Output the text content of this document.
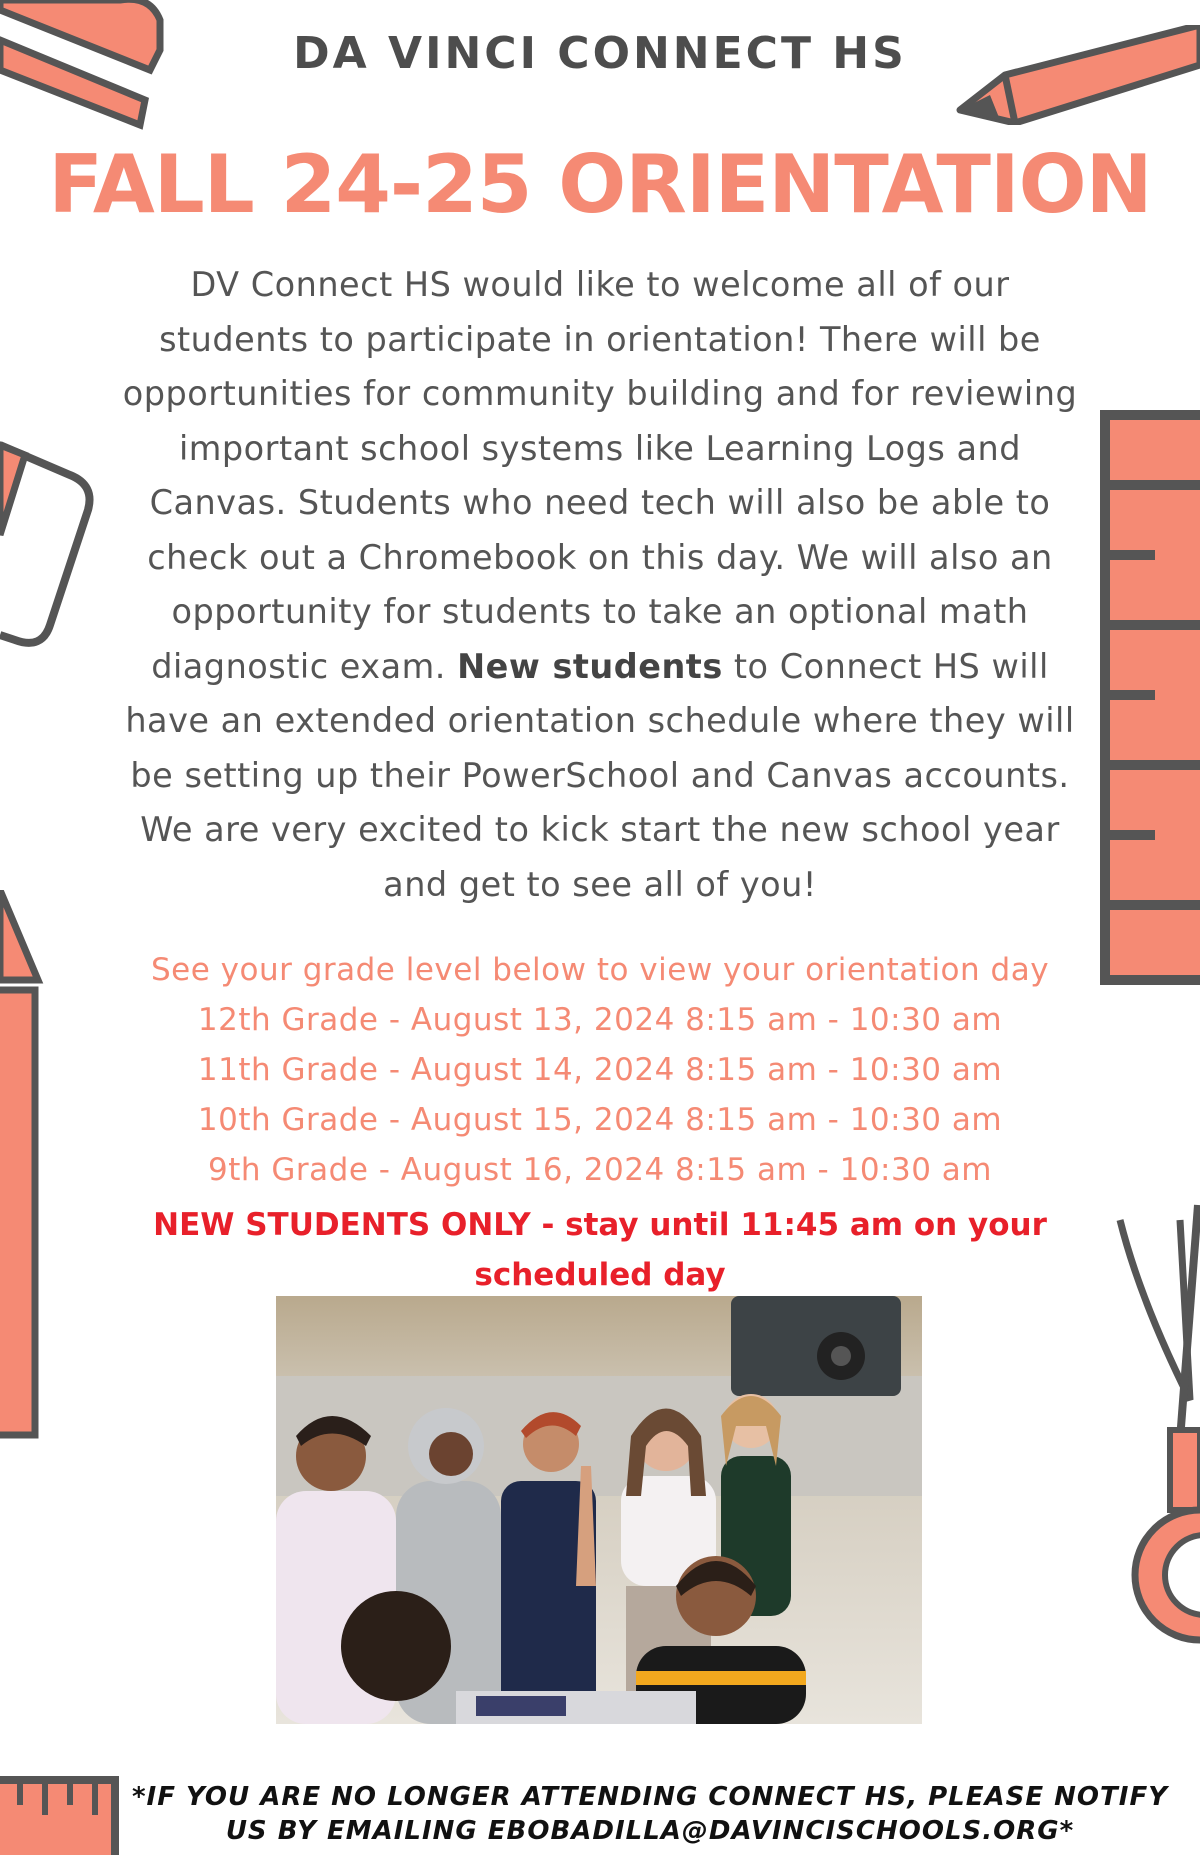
DA VINCI CONNECT HS
FALL 24-25 ORIENTATION
DV Connect HS would like to welcome all of our students to participate in orientation! There will be opportunities for community building and for reviewing important school systems like Learning Logs and Canvas. Students who need tech will also be able to check out a Chromebook on this day. We will also an opportunity for students to take an optional math diagnostic exam. New students to Connect HS will have an extended orientation schedule where they will be setting up their PowerSchool and Canvas accounts. We are very excited to kick start the new school year and get to see all of you!
See your grade level below to view your orientation day
12th Grade - August 13, 2024 8:15 am - 10:30 am
11th Grade - August 14, 2024 8:15 am - 10:30 am
10th Grade - August 15, 2024 8:15 am - 10:30 am
9th Grade - August 16, 2024 8:15 am - 10:30 am
NEW STUDENTS ONLY - stay until 11:45 am on your scheduled day
*IF YOU ARE NO LONGER ATTENDING CONNECT HS, PLEASE NOTIFY US BY EMAILING EBOBADILLA@DAVINCISCHOOLS.ORG*
